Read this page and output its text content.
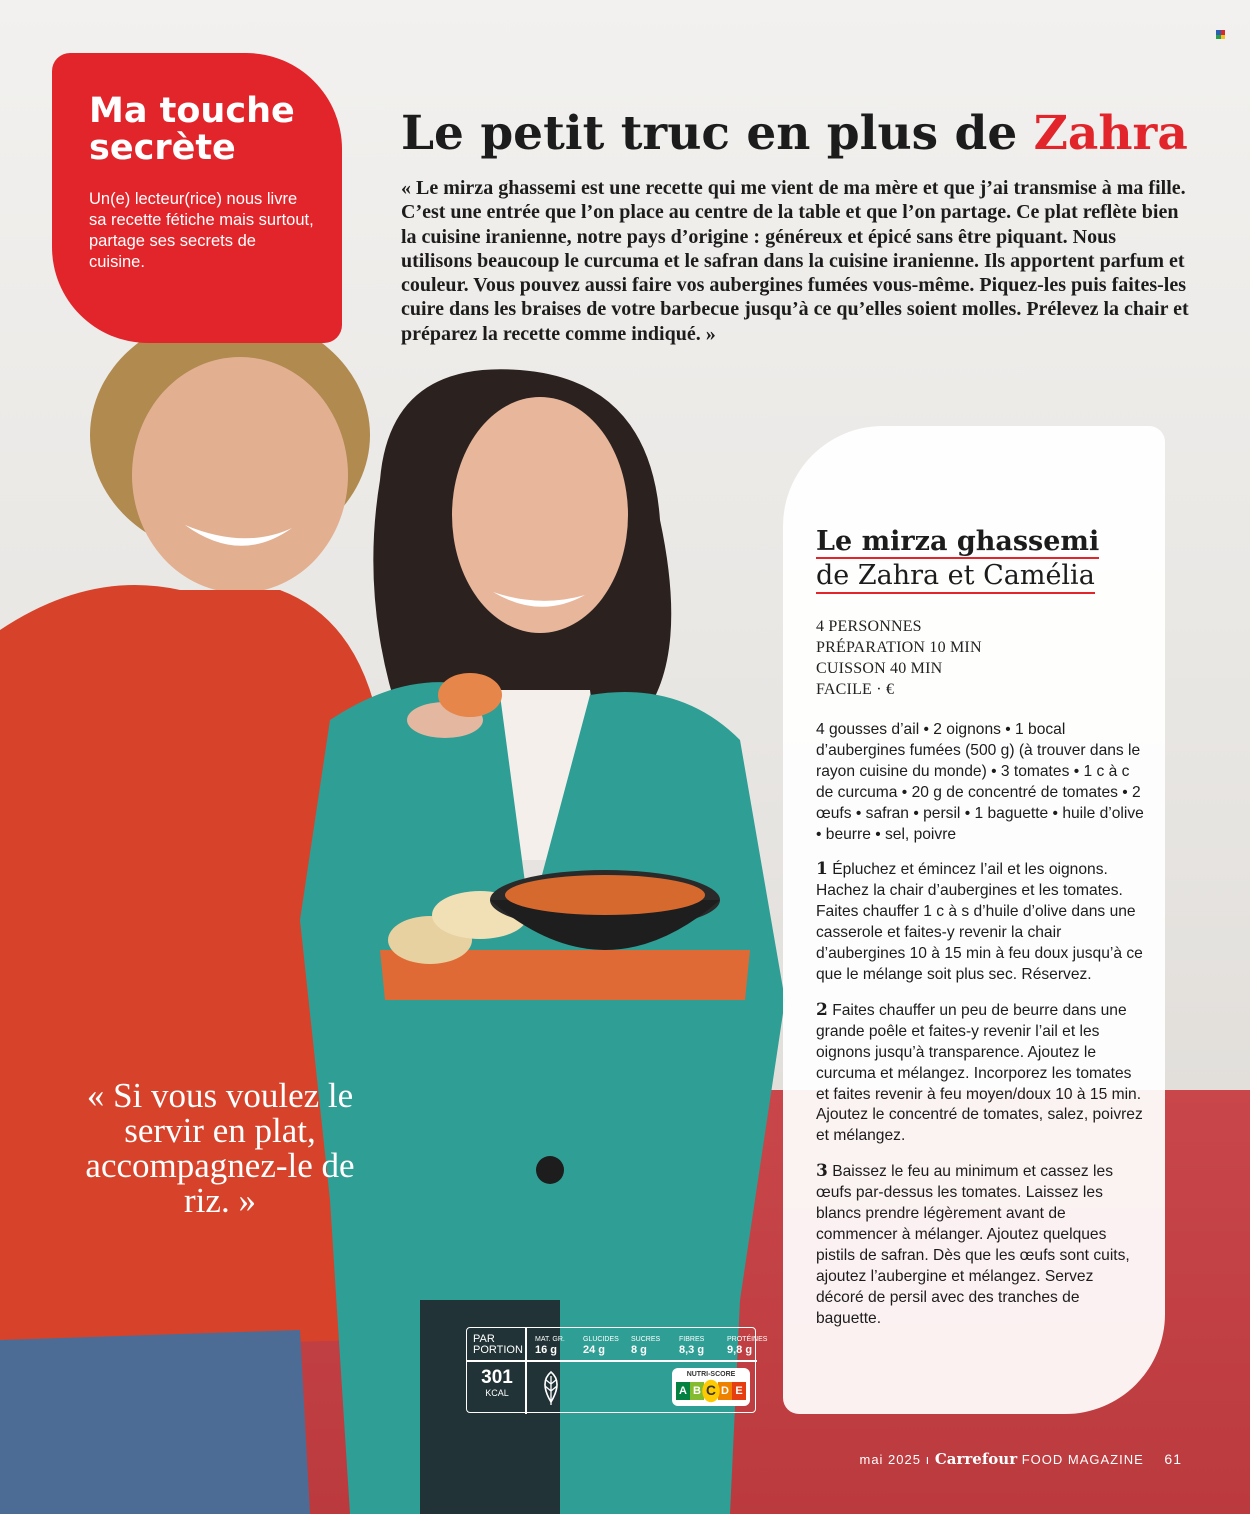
Ma touche secrète

Un(e) lecteur(rice) nous livre sa recette fétiche mais surtout, partage ses secrets de cuisine.

Le petit truc en plus de Zahra

« Le mirza ghassemi est une recette qui me vient de ma mère et que j’ai transmise à ma fille. C’est une entrée que l’on place au centre de la table et que l’on partage. Ce plat reflète bien la cuisine iranienne, notre pays d’origine : généreux et épicé sans être piquant. Nous utilisons beaucoup le curcuma et le safran dans la cuisine iranienne. Ils apportent parfum et couleur. Vous pouvez aussi faire vos aubergines fumées vous-même. Piquez-les puis faites-les cuire dans les braises de votre barbecue jusqu’à ce qu’elles soient molles. Prélevez la chair et préparez la recette comme indiqué. »

« Si vous voulez le servir en plat, accompagnez-le de riz. »

Le mirza ghassemi
de Zahra et Camélia
4 PERSONNES
PRÉPARATION 10 MIN
CUISSON 40 MIN
FACILE · €

4 gousses d’ail • 2 oignons • 1 bocal d’aubergines fumées (500 g) (à trouver dans le rayon cuisine du monde) • 3 tomates • 1 c à c de curcuma • 20 g de concentré de tomates • 2 œufs • safran • persil • 1 baguette • huile d’olive • beurre • sel, poivre

1 Épluchez et émincez l’ail et les oignons. Hachez la chair d’aubergines et les tomates. Faites chauffer 1 c à s d’huile d’olive dans une casserole et faites-y revenir la chair d’aubergines 10 à 15 min à feu doux jusqu’à ce que le mélange soit plus sec. Réservez.

2 Faites chauffer un peu de beurre dans une grande poêle et faites-y revenir l’ail et les oignons jusqu’à transparence. Ajoutez le curcuma et mélangez. Incorporez les tomates et faites revenir à feu moyen/doux 10 à 15 min. Ajoutez le concentré de tomates, salez, poivrez et mélangez.

3 Baissez le feu au minimum et cassez les œufs par-dessus les tomates. Laissez les blancs prendre légèrement avant de commencer à mélanger. Ajoutez quelques pistils de safran. Dès que les œufs sont cuits, ajoutez l’aubergine et mélangez. Servez décoré de persil avec des tranches de baguette.

PAR PORTION
MAT. GR.
16 g
GLUCIDES
24 g
SUCRES
8 g
FIBRES
8,3 g
PROTÉINES
9,8 g
301
KCAL
NUTRI-SCORE
A B C D E
mai 2025 ı Carrefour FOOD MAGAZINE 61
